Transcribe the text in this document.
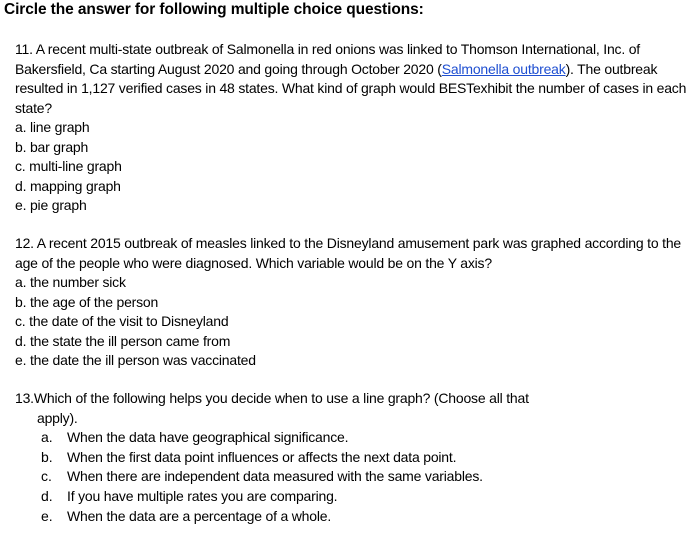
Circle the answer for following multiple choice questions:
11. A recent multi-state outbreak of Salmonella in red onions was linked to Thomson International, Inc. of Bakersfield, Ca starting August 2020 and going through October 2020 (Salmonella outbreak). The outbreak resulted in 1,127 verified cases in 48 states. What kind of graph would BESTexhibit the number of cases in each state?
a. line graph
b. bar graph
c. multi-line graph
d. mapping graph
e. pie graph
12. A recent 2015 outbreak of measles linked to the Disneyland amusement park was graphed according to the age of the people who were diagnosed. Which variable would be on the Y axis?
a. the number sick
b. the age of the person
c. the date of the visit to Disneyland
d. the state the ill person came from
e. the date the ill person was vaccinated
13.Which of the following helps you decide when to use a line graph? (Choose all that
apply).
a. When the data have geographical significance.
b. When the first data point influences or affects the next data point.
c. When there are independent data measured with the same variables.
d. If you have multiple rates you are comparing.
e. When the data are a percentage of a whole.
